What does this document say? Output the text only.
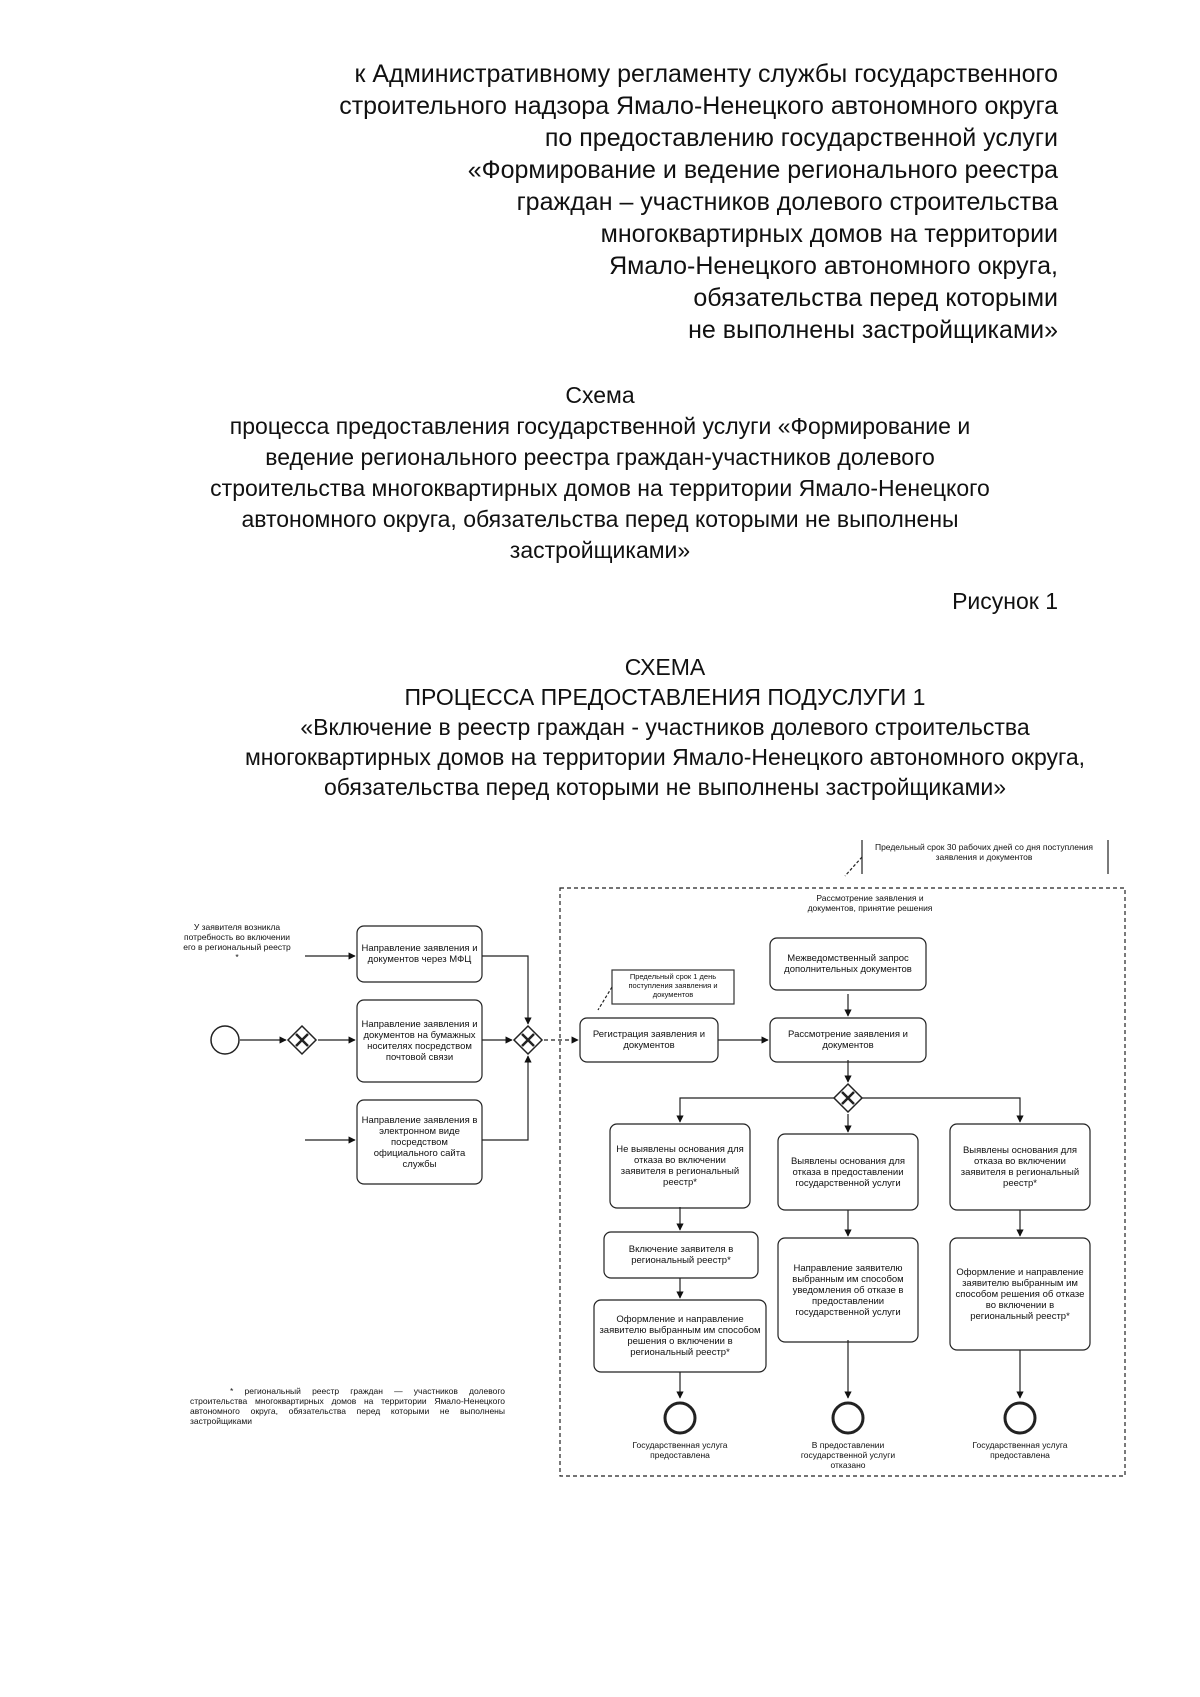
к Административному регламенту службы государственного
строительного надзора Ямало-Ненецкого автономного округа
по предоставлению государственной услуги
«Формирование и ведение регионального реестра
граждан – участников долевого строительства
многоквартирных домов на территории
Ямало-Ненецкого автономного округа,
обязательства перед которыми
не выполнены застройщиками»
Схема
процесса предоставления государственной услуги «Формирование и
ведение регионального реестра граждан-участников долевого
строительства многоквартирных домов на территории Ямало-Ненецкого
автономного округа, обязательства перед которыми не выполнены
застройщиками»
Рисунок 1
СХЕМА
ПРОЦЕССА ПРЕДОСТАВЛЕНИЯ ПОДУСЛУГИ 1
«Включение в реестр граждан - участников долевого строительства
многоквартирных домов на территории Ямало-Ненецкого автономного округа,
обязательства перед которыми не выполнены застройщиками»
Предельный срок 30 рабочих дней со дня поступления заявления и документов
Рассмотрение заявления и документов, принятие решения
У заявителя возникла потребность во включении его в региональный реестр *
Предельный срок 1 день поступления заявления и документов
Направление заявления и документов через МФЦ
Направление заявления и документов на бумажных носителях посредством почтовой связи
Направление заявления в электронном виде посредством официального сайта службы
Регистрация заявления и документов
Межведомственный запрос дополнительных документов
Рассмотрение заявления и документов
Не выявлены основания для отказа во включении заявителя в региональный реестр*
Выявлены основания для отказа в предоставлении государственной услуги
Выявлены основания для отказа во включении заявителя в региональный реестр*
Включение заявителя в региональный реестр*
Оформление и направление заявителю выбранным им способом решения о включении в региональный реестр*
Направление заявителю выбранным им способом уведомления об отказе в предоставлении государственной услуги
Оформление и направление заявителю выбранным им способом решения об отказе во включении в региональный реестр*
Государственная услуга предоставлена
В предоставлении государственной услуги отказано
Государственная услуга предоставлена
* региональный реестр граждан — участников долевого строительства многоквартирных домов на территории Ямало-Ненецкого автономного округа, обязательства перед которыми не выполнены застройщиками
